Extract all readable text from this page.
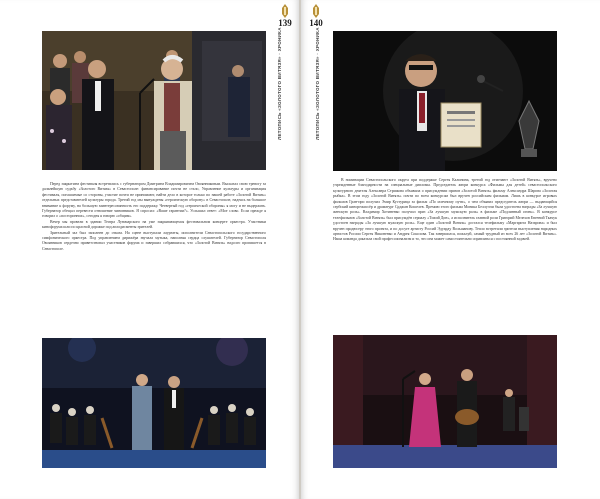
Перед закрытием фестиваля встретились с губернатором Дмитрием Владимировичем Овсянниковым. Высказал свою тревогу за дальнейшую судьбу «Золотого Витязя» в Севастополе: финансирование почти не стало, Управление культуры и организация фестиваля, погашаемые со стороны, участие почти не принимают, найти дело в которое только по нашей работе «Золотой Витязь» отдельных представителей культуры города. Третий год мы вынуждены «героическую оборону» в Севастополе, надеясь на большое внимание к форуму, на большую заинтересованность его поддержку. Четвертый год «героической обороны» я могу и не выдержать. Губернатор обещал перевести отношение чиновников. Я спросил: «Ваше гарантии?». Услышал ответ: «Мое слово. Если прежде я говорил о «посторонних», сегодня я говорю «общим».

Вечер мы провели в здании Театра Луначарского на уже закрывающемся фестивальном концерте оркестра. Участники кинофорума шли по красной дорожке под аплодисменты зрителей.

Зрительный зал был заполнен до отказа. На сцене выступали лауреаты, исполнители Севастопольского государственного симфонического оркестра. Под управлением дирижёра звучала музыка, наполняя сердца слушателей. Губернатор Севастополя Овсянников сердечно приветствовал участников форума и завершил собравшихся, что «Золотой Витязь» надолго пропишется в Севастополе.

139
ЛЕТОПИСЬ «ЗОЛОТОГО ВИТЯЗЯ» · ХРОНИКА
140
ЛЕТОПИСЬ «ЗОЛОТОГО ВИТЯЗЯ» · ХРОНИКА

В номинации Севастопольского округа при поддержке Сергея Калинина, третий год отмечают «Золотой Витязь», вручено учрежденные благодарности на специальные дипломы. Председатель жюри конкурса «Фильмы для детей» севастопольского культурного деятеля Алексанра Стрижова объявила о присуждении призов «Золотой Витязь» фильму Александра Шарова «Золотая рыбка». В этом году «Золотой Витязь» почти по всем конкурсам был вручен российским фильмам. Лишь в конкурсе игровых фильмов Гран-при получил Эмир Кустурица за фильм «По млечному пути», о чем объявил председатель жюри — выдающийся сербский кинорежиссёр и драматург Срджан Кошелев. Премию этого фильма Моника Беллуччи была удостоена награды «За лучшую женскую роль». Владимир Хотиненко получил приз «За лучшую мужскую роль» в фильме «Подлинный огонь». В конкурсе телефильмов «Золотой Витязь» был присуждён сериалу «Тихий Дон», а исполнитель главной роли Григорий Мелехов Евгений Ткачук удостоен награды «За лучшую мужскую роль». Еще один «Золотой Витязь» достался телефильму «Маргарита Назарова» и был вручен продюсеру этого проекта, и по досуге артисту Россий Эдуарду Вольшанову. Тепло встретили зрители выступления народных артистов России Сергея Никоненко и Андрея Соколова. Так завершился, пожалуй, самый трудный из всех 26 лет «Золотой Витязь». Наша команда доказала свой профессионализм и то, что она может самостоятельно справляться с постоянной задачей.
